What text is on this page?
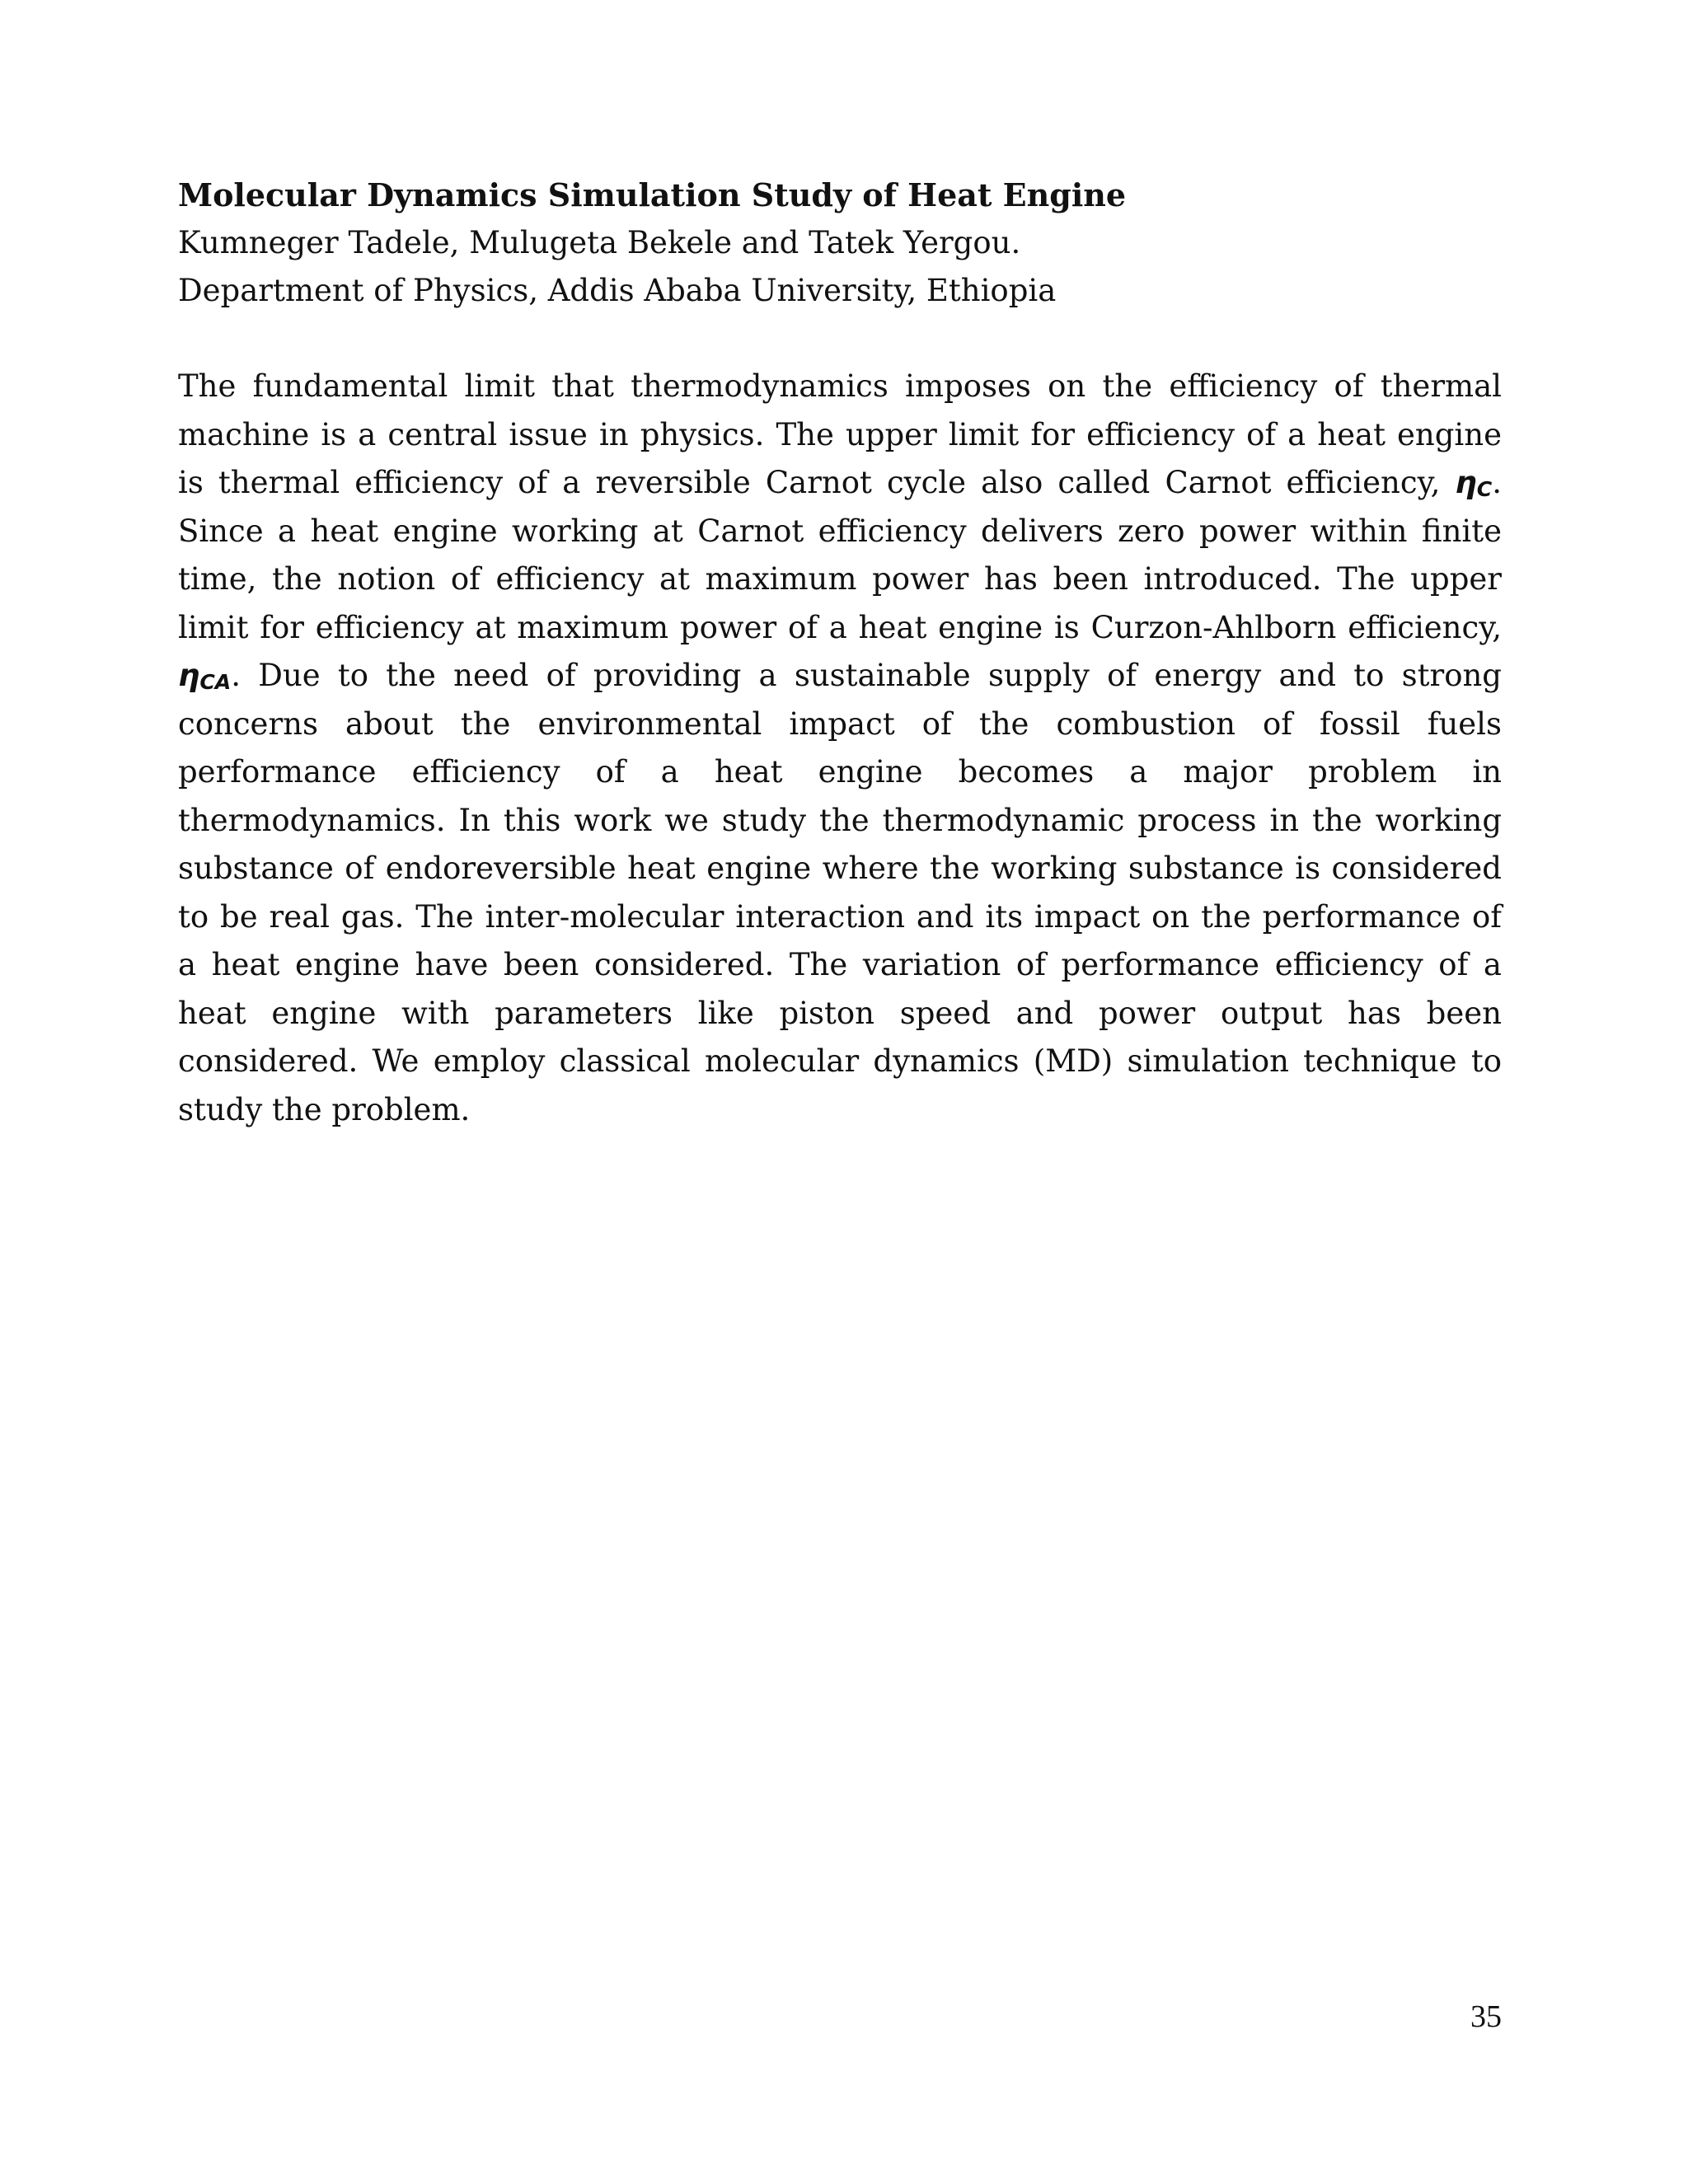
Molecular Dynamics Simulation Study of Heat Engine

Kumneger Tadele, Mulugeta Bekele and Tatek Yergou.

Department of Physics, Addis Ababa University, Ethiopia

The fundamental limit that thermodynamics imposes on the efficiency of thermal machine is a central issue in physics. The upper limit for efficiency of a heat engine is thermal efficiency of a reversible Carnot cycle also called Carnot efficiency, $\eta_C$. Since a heat engine working at Carnot efficiency delivers zero power within finite time, the notion of efficiency at maximum power has been introduced. The upper limit for efficiency at maximum power of a heat engine is Curzon-Ahlborn efficiency, $\eta_{CA}$. Due to the need of providing a sustainable supply of energy and to strong concerns about the environmental impact of the combustion of fossil fuels performance efficiency of a heat engine becomes a major problem in thermodynamics. In this work we study the thermodynamic process in the working substance of endoreversible heat engine where the working substance is considered to be real gas. The inter-molecular interaction and its impact on the performance of a heat engine have been considered. The variation of performance efficiency of a heat engine with parameters like piston speed and power output has been considered. We employ classical molecular dynamics (MD) simulation technique to study the problem.

35
